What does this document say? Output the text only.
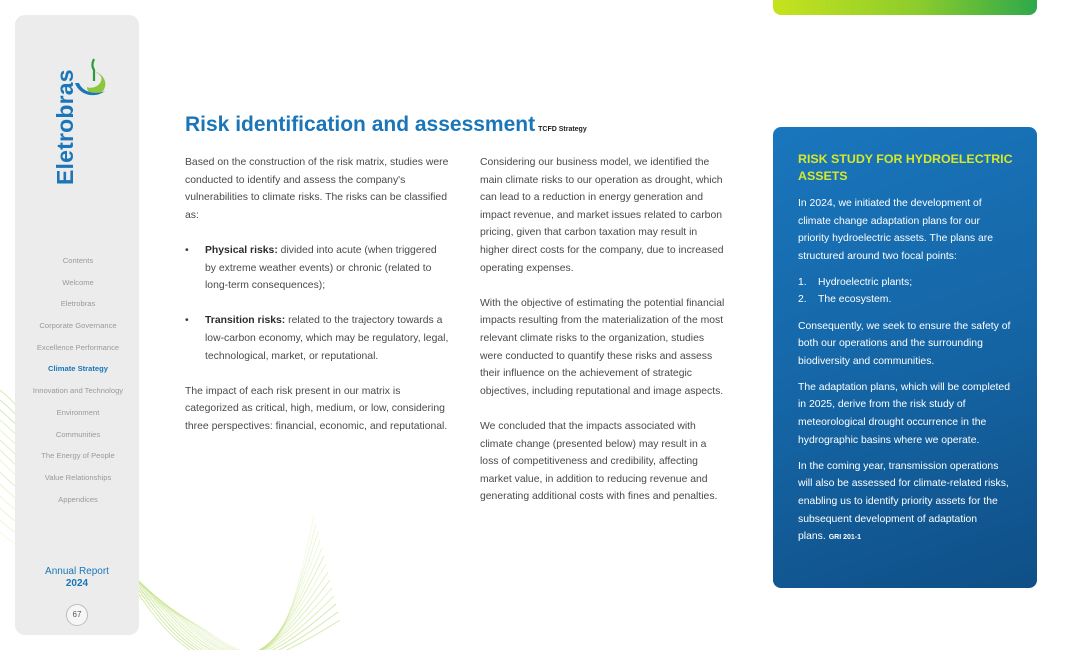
Eletrobras
Contents
Welcome
Eletrobras
Corporate Governance
Excellence Performance
Climate Strategy
Innovation and Technology
Environment
Communities
The Energy of People
Value Relationships
Appendices
Annual Report
2024
67
Risk identification and assessment TCFD Strategy

Based on the construction of the risk matrix, studies were conducted to identify and assess the company's vulnerabilities to climate risks. The risks can be classified as:

• Physical risks: divided into acute (when triggered by extreme weather events) or chronic (related to long-term consequences);
• Transition risks: related to the trajectory towards a low-carbon economy, which may be regulatory, legal, technological, market, or reputational.

The impact of each risk present in our matrix is categorized as critical, high, medium, or low, considering three perspectives: financial, economic, and reputational.

Considering our business model, we identified the main climate risks to our operation as drought, which can lead to a reduction in energy generation and impact revenue, and market issues related to carbon pricing, given that carbon taxation may result in higher direct costs for the company, due to increased operating expenses.

With the objective of estimating the potential financial impacts resulting from the materialization of the most relevant climate risks to the organization, studies were conducted to quantify these risks and assess their influence on the achievement of strategic objectives, including reputational and image aspects.

We concluded that the impacts associated with climate change (presented below) may result in a loss of competitiveness and credibility, affecting market value, in addition to reducing revenue and generating additional costs with fines and penalties.

RISK STUDY FOR HYDROELECTRIC ASSETS

In 2024, we initiated the development of climate change adaptation plans for our priority hydroelectric assets. The plans are structured around two focal points:

1. Hydroelectric plants;
2. The ecosystem.

Consequently, we seek to ensure the safety of both our operations and the surrounding biodiversity and communities.

The adaptation plans, which will be completed in 2025, derive from the risk study of meteorological drought occurrence in the hydrographic basins where we operate.

In the coming year, transmission operations will also be assessed for climate-related risks, enabling us to identify priority assets for the subsequent development of adaptation plans. GRI 201-1
